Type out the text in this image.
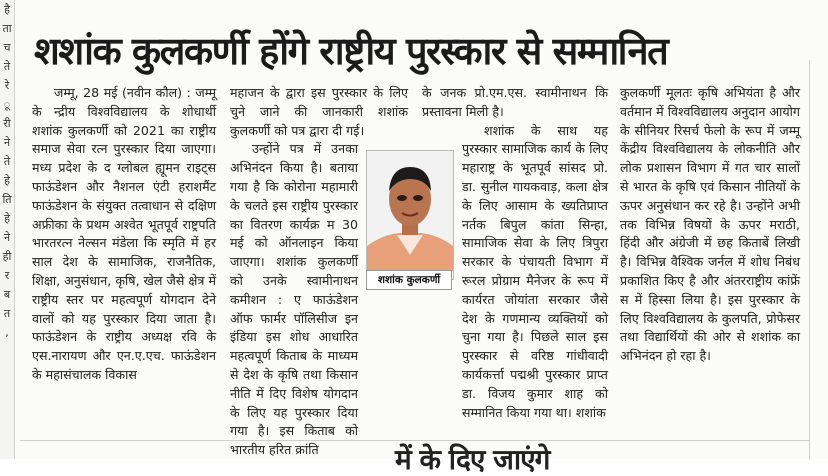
है
ता
च
ते
रे
ू
री
ने
ते
हे
ति
हे
ने
ही
र
ब
त
,
शशांक कुलकर्णी होंगे राष्ट्रीय पुरस्कार से सम्मानित

जम्मू, 28 मई (नवीन कौल) : जम्मू के न्द्रीय विश्वविद्यालय के शोधार्थी शशांक कुलकर्णी को 2021 का राष्ट्रीय समाज सेवा रत्न पुरस्कार दिया जाएगा। मध्य प्रदेश के द ग्लोबल ह्यूमन राइट्स फाऊंडेशन और नैशनल एंटी हराशमैंट फाऊंडेशन के संयुक्त तत्वाधान से दक्षिण अफ्रीका के प्रथम अश्वेत भूतपूर्व राष्ट्रपति भारतरत्न नेल्सन मंडेला कि स्मृति में हर साल देश के सामाजिक, राजनैतिक, शिक्षा, अनुसंधान, कृषि, खेल जैसे क्षेत्र में राष्ट्रीय स्तर पर महत्वपूर्ण योगदान देने वालों को यह पुरस्कार दिया जाता है। फाऊंडेशन के राष्ट्रीय अध्यक्ष रवि के एस.नारायण और एन.ए.एच. फाऊंडेशन के महासंचालक विकास

महाजन के द्वारा इस पुरस्कार के लिए चुने जाने की जानकारी शशांक कुलकर्णी को पत्र द्वारा दी गई।

उन्होंने पत्र में उनका अभिनंदन किया है। बताया गया है कि कोरोना महामारी के चलते इस राष्ट्रीय पुरस्कार का वितरण कार्यक्र म 30 मई को ऑनलाइन किया जाएगा। शशांक कुलकर्णी को उनके स्वामीनाथन कमीशन : ए फाऊंडेशन ऑफ फार्मर पॉलिसीज इन इंडिया इस शोध आधारित महत्वपूर्ण किताब के माध्यम से देश के कृषि तथा किसान नीति में दिए विशेष योगदान के लिए यह पुरस्कार दिया गया है। इस किताब को भारतीय हरित क्रांति

के जनक प्रो.एम.एस. स्वामीनाथन कि प्रस्तावना मिली है।

शशांक के साथ यह पुरस्कार सामाजिक कार्य के लिए महाराष्ट्र के भूतपूर्व सांसद प्रो. डा. सुनील गायकवाड़, कला क्षेत्र के लिए आसाम के ख्यतिप्राप्त नर्तक बिपुल कांता सिन्हा, सामाजिक सेवा के लिए त्रिपुरा सरकार के पंचायती विभाग में रूरल प्रोग्राम मैनेजर के रूप में कार्यरत जोयांता सरकार जैसे देश के गणमान्य व्यक्तियों को चुना गया है। पिछले साल इस पुरस्कार से वरिष्ठ गांधीवादी कार्यकर्त्ता पद्मश्री पुरस्कार प्राप्त डा. विजय कुमार शाह को सम्मानित किया गया था। शशांक

कुलकर्णी मूलतः कृषि अभियंता है और वर्तमान में विश्वविद्यालय अनुदान आयोग के सीनियर रिसर्च फेलो के रूप में जम्मू केंद्रीय विश्वविद्यालय के लोकनीति और लोक प्रशासन विभाग में गत चार सालों से भारत के कृषि एवं किसान नीतियों के ऊपर अनुसंधान कर रहे है। उन्होंने अभी तक विभिन्न विषयों के ऊपर मराठी, हिंदी और अंग्रेजी में छह किताबें लिखी है। विभिन्न वैश्विक जर्नल में शोध निबंध प्रकाशित किए है और अंतरराष्ट्रीय कांफ्रें स में हिस्सा लिया है। इस पुरस्कार के लिए विश्वविद्यालय के कुलपति, प्रोफेसर तथा विद्यार्थियों की ओर से शशांक का अभिनंदन हो रहा है।

शशांक कुलकर्णी
में के दिए जाएंगे
